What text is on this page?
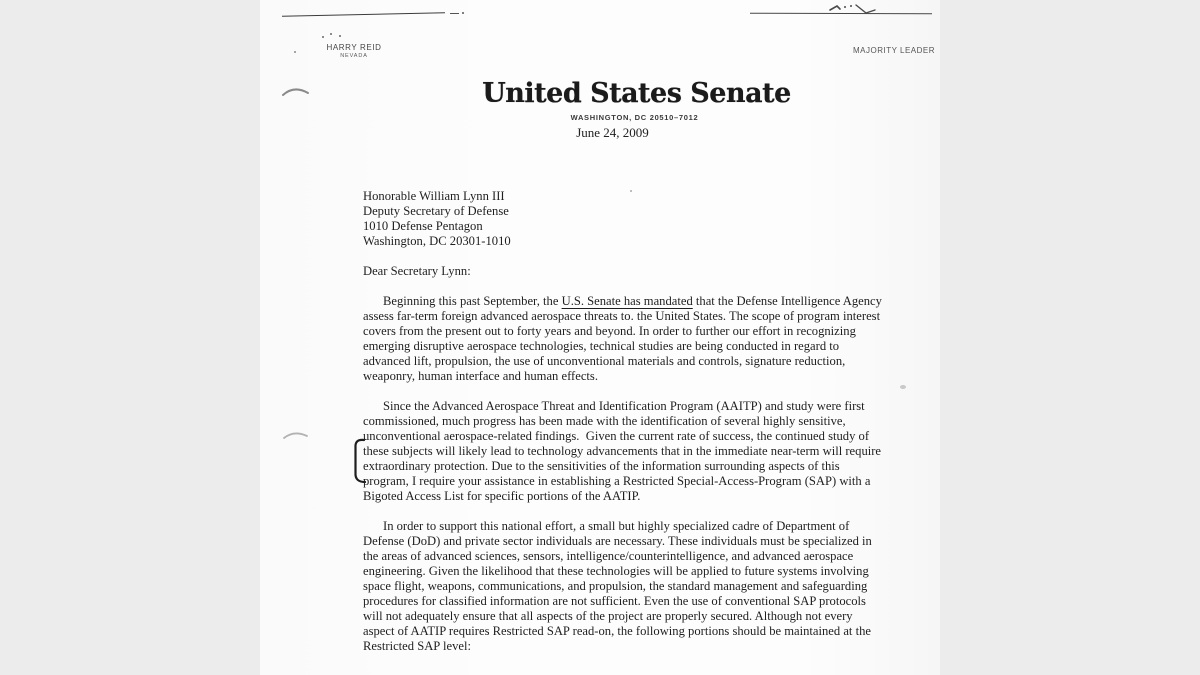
HARRY REID
NEVADA
MAJORITY LEADER
United States Senate
WASHINGTON, DC 20510–7012
June 24, 2009
Honorable William Lynn III
Deputy Secretary of Defense
1010 Defense Pentagon
Washington, DC 20301-1010
Dear Secretary Lynn:

Beginning this past September, the U.S. Senate has mandated that the Defense Intelligence Agency assess far-term foreign advanced aerospace threats to. the United States. The scope of program interest covers from the present out to forty years and beyond. In order to further our effort in recognizing emerging disruptive aerospace technologies, technical studies are being conducted in regard to advanced lift, propulsion, the use of unconventional materials and controls, signature reduction, weaponry, human interface and human effects.

Since the Advanced Aerospace Threat and Identification Program (AAITP) and study were first commissioned, much progress has been made with the identification of several highly sensitive, unconventional aerospace-related findings.  Given the current rate of success, the continued study of these subjects will likely lead to technology advancements that in the immediate near-term will require extraordinary protection. Due to the sensitivities of the information surrounding aspects of this program, I require your assistance in establishing a Restricted Special-Access-Program (SAP) with a Bigoted Access List for specific portions of the AATIP.

In order to support this national effort, a small but highly specialized cadre of Department of Defense (DoD) and private sector individuals are necessary. These individuals must be specialized in the areas of advanced sciences, sensors, intelligence/counterintelligence, and advanced aerospace engineering. Given the likelihood that these technologies will be applied to future systems involving space flight, weapons, communications, and propulsion, the standard management and safeguarding procedures for classified information are not sufficient. Even the use of conventional SAP protocols will not adequately ensure that all aspects of the project are properly secured. Although not every aspect of AATIP requires Restricted SAP read-on, the following portions should be maintained at the Restricted SAP level:
